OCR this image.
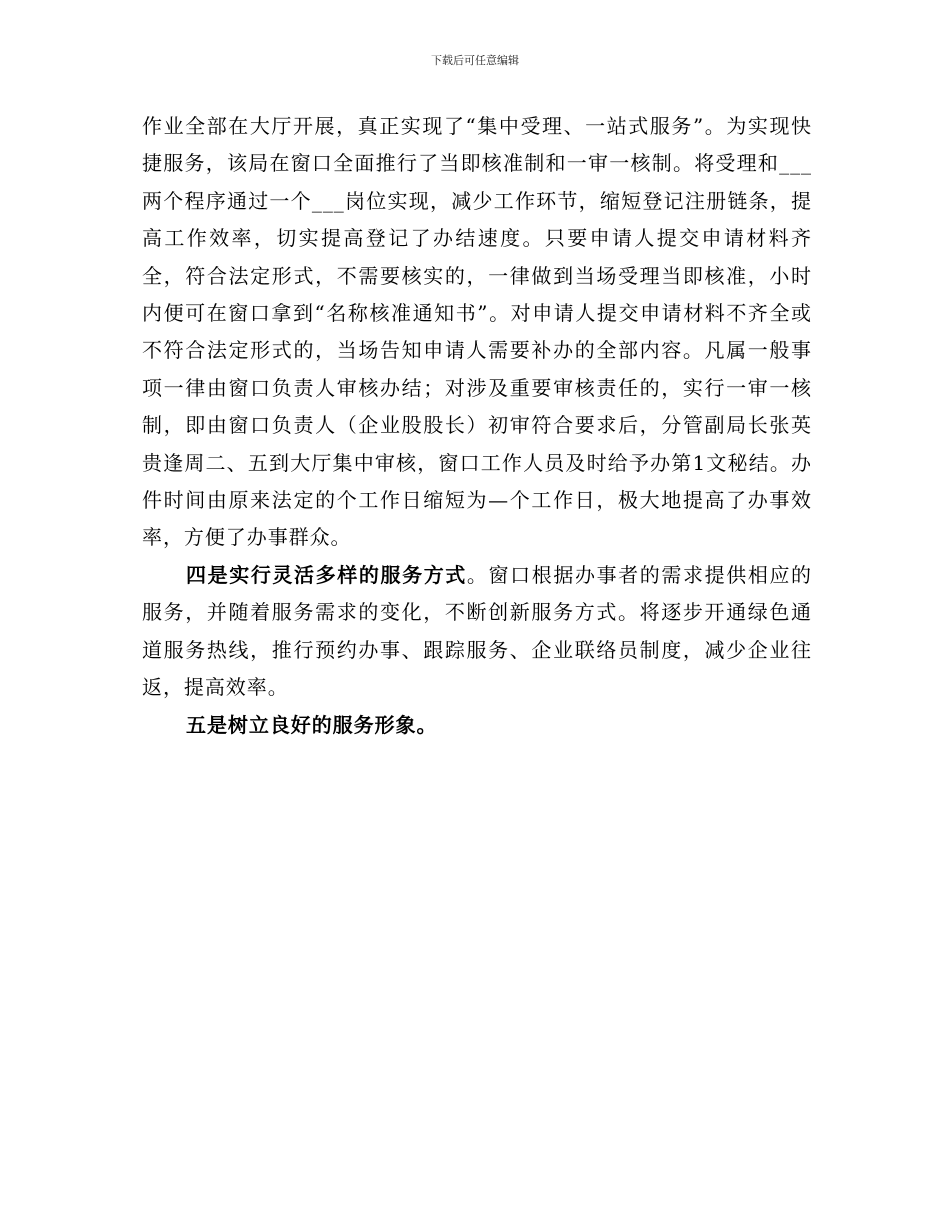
下载后可任意编辑

作业全部在大厅开展，真正实现了“集中受理、一站式服务”。为实现快捷服务，该局在窗口全面推行了当即核准制和一审一核制。将受理和___两个程序通过一个___岗位实现，减少工作环节，缩短登记注册链条，提高工作效率，切实提高登记了办结速度。只要申请人提交申请材料齐全，符合法定形式，不需要核实的，一律做到当场受理当即核准，小时内便可在窗口拿到“名称核准通知书”。对申请人提交申请材料不齐全或不符合法定形式的，当场告知申请人需要补办的全部内容。凡属一般事项一律由窗口负责人审核办结；对涉及重要审核责任的，实行一审一核制，即由窗口负责人（企业股股长）初审符合要求后，分管副局长张英贵逢周二、五到大厅集中审核，窗口工作人员及时给予办第1文秘结。办件时间由原来法定的个工作日缩短为—个工作日，极大地提高了办事效率，方便了办事群众。

四是实行灵活多样的服务方式。窗口根据办事者的需求提供相应的服务，并随着服务需求的变化，不断创新服务方式。将逐步开通绿色通道服务热线，推行预约办事、跟踪服务、企业联络员制度，减少企业往返，提高效率。

五是树立良好的服务形象。
